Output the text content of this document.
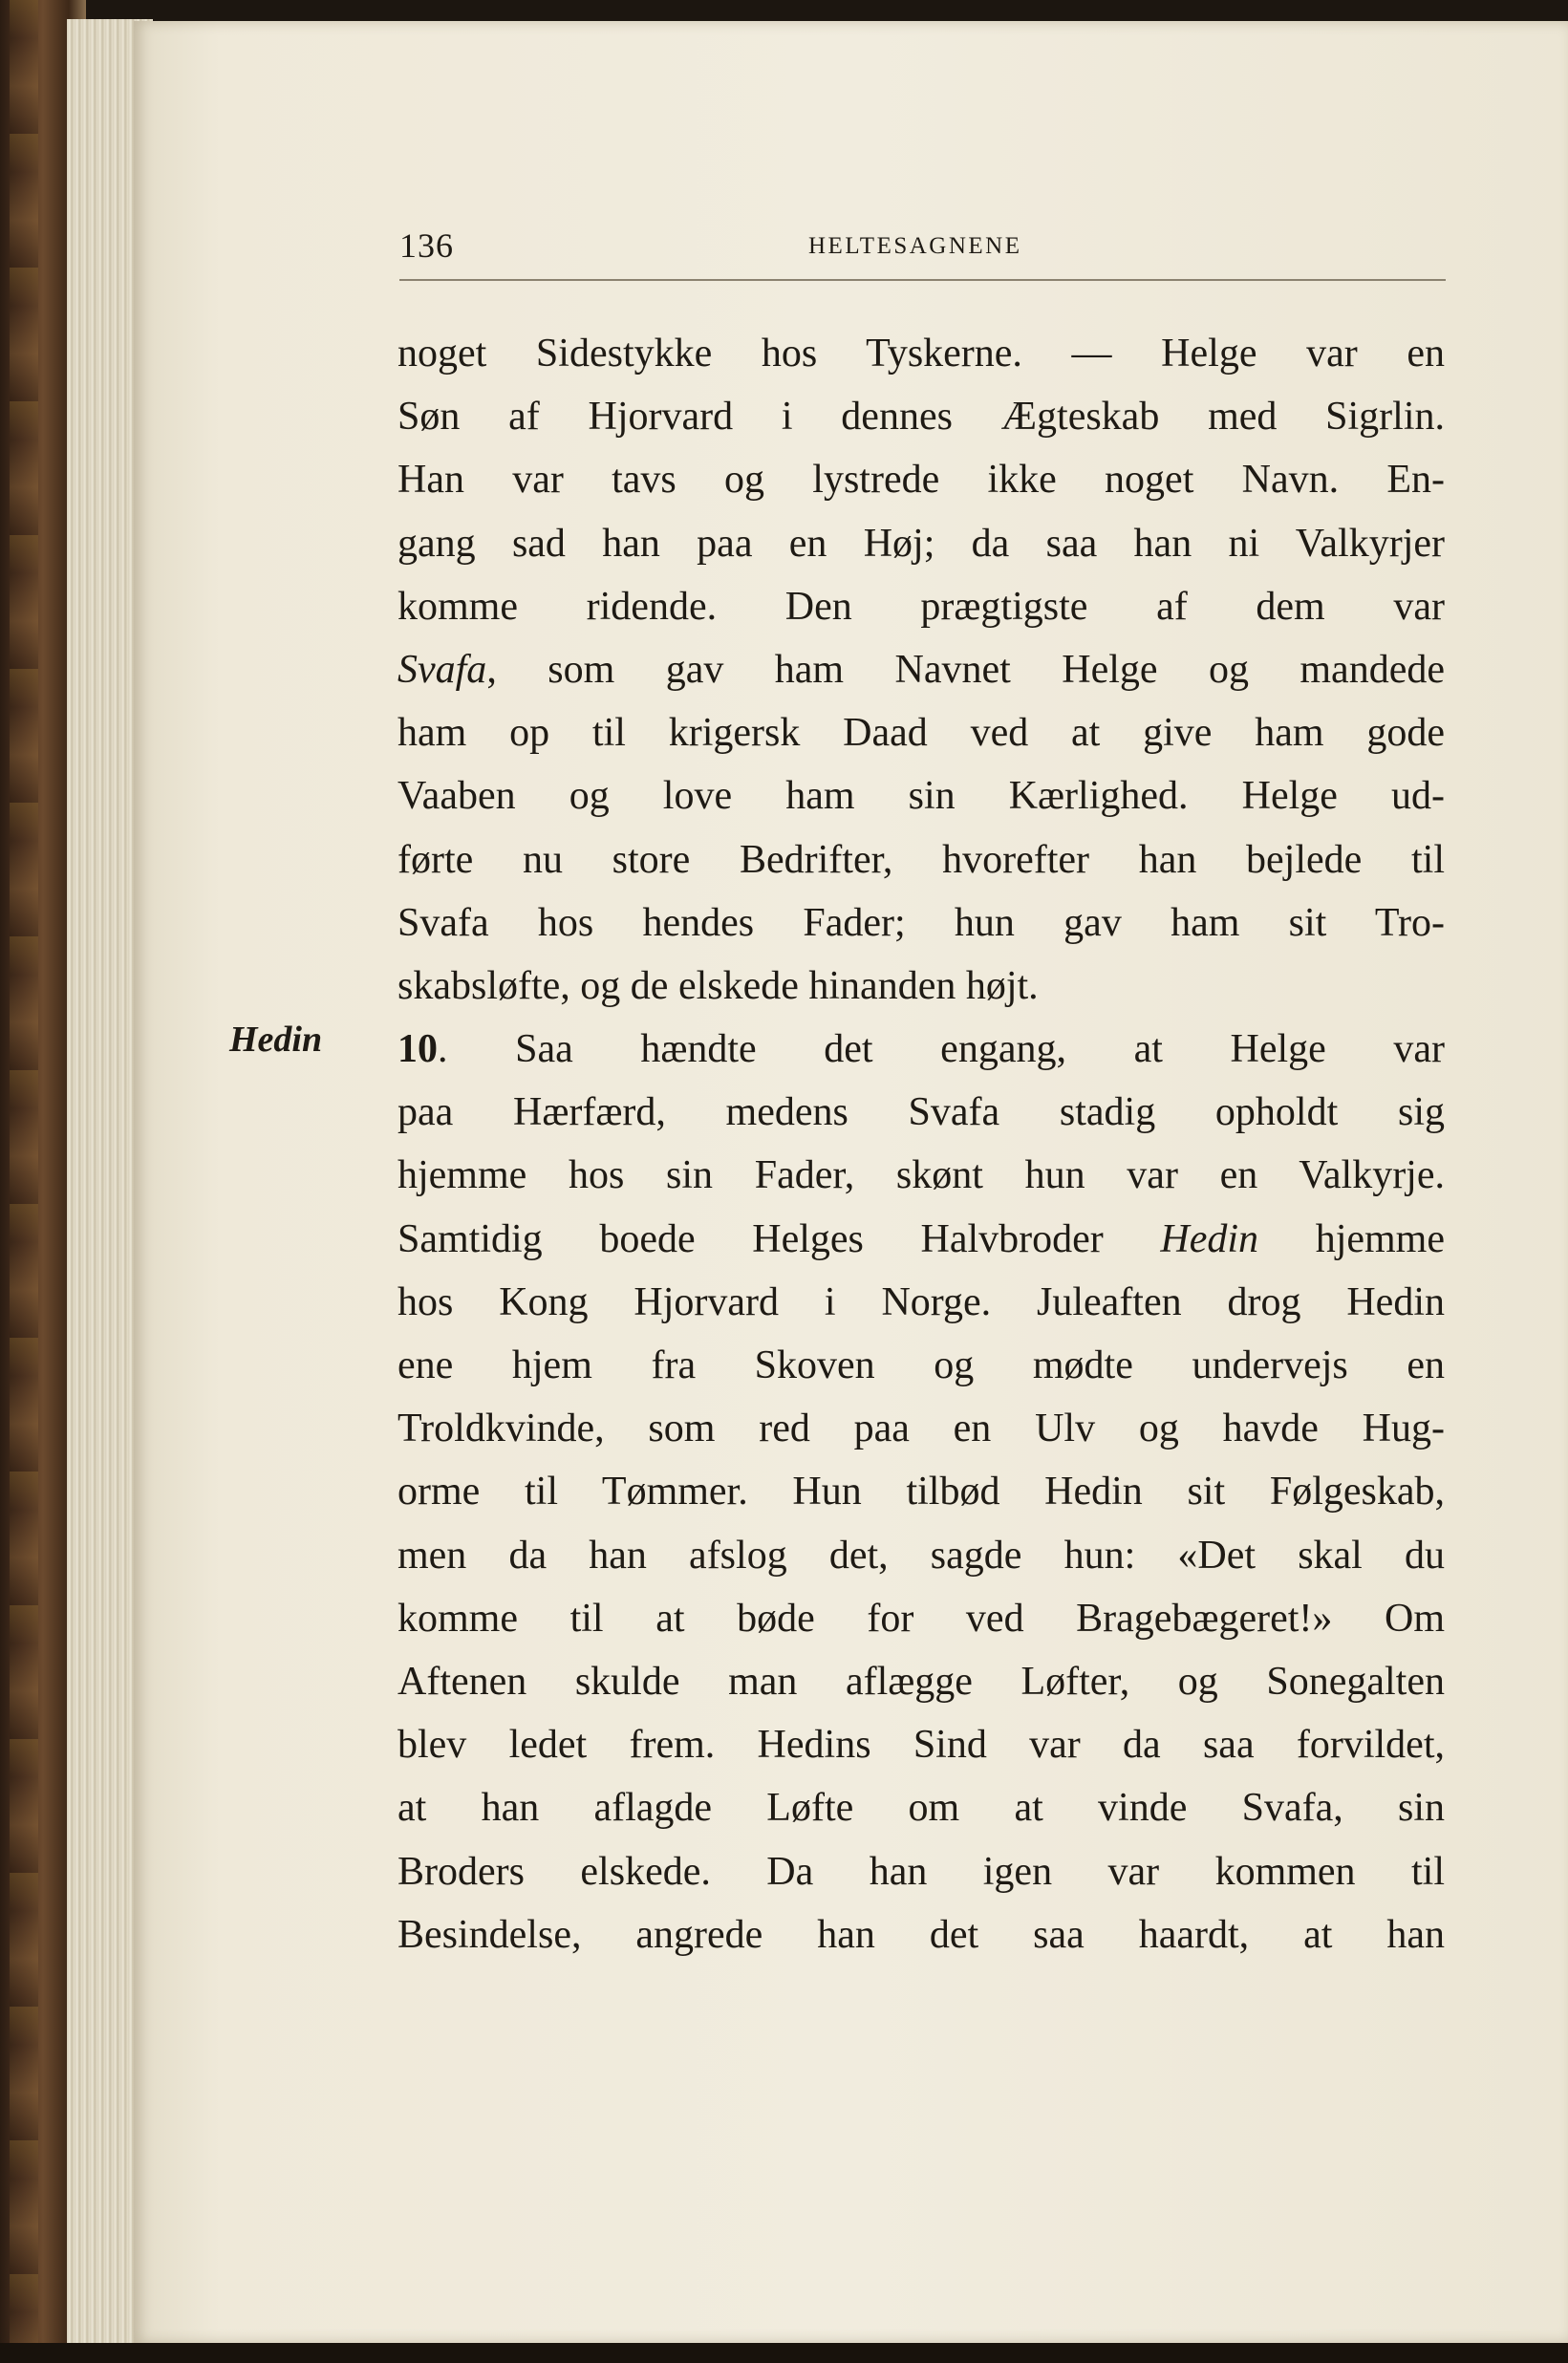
136	HELTESAGNENE
Hedin
noget Sidestykke hos Tyskerne. — Helge var en
Søn af Hjorvard i dennes Ægteskab med Sigrlin.
Han var tavs og lystrede ikke noget Navn. En-
gang sad han paa en Høj; da saa han ni Valkyrjer
komme ridende. Den prægtigste af dem var
Svafa, som gav ham Navnet Helge og mandede
ham op til krigersk Daad ved at give ham gode
Vaaben og love ham sin Kærlighed. Helge ud-
førte nu store Bedrifter, hvorefter han bejlede til
Svafa hos hendes Fader; hun gav ham sit Tro-
skabsløfte, og de elskede hinanden højt.
10. Saa hændte det engang, at Helge var
paa Hærfærd, medens Svafa stadig opholdt sig
hjemme hos sin Fader, skønt hun var en Valkyrje.
Samtidig boede Helges Halvbroder Hedin hjemme
hos Kong Hjorvard i Norge. Juleaften drog Hedin
ene hjem fra Skoven og mødte undervejs en
Troldkvinde, som red paa en Ulv og havde Hug-
orme til Tømmer. Hun tilbød Hedin sit Følgeskab,
men da han afslog det, sagde hun: «Det skal du
komme til at bøde for ved Bragebægeret!» Om
Aftenen skulde man aflægge Løfter, og Sonegalten
blev ledet frem. Hedins Sind var da saa forvildet,
at han aflagde Løfte om at vinde Svafa, sin
Broders elskede. Da han igen var kommen til
Besindelse, angrede han det saa haardt, at han
